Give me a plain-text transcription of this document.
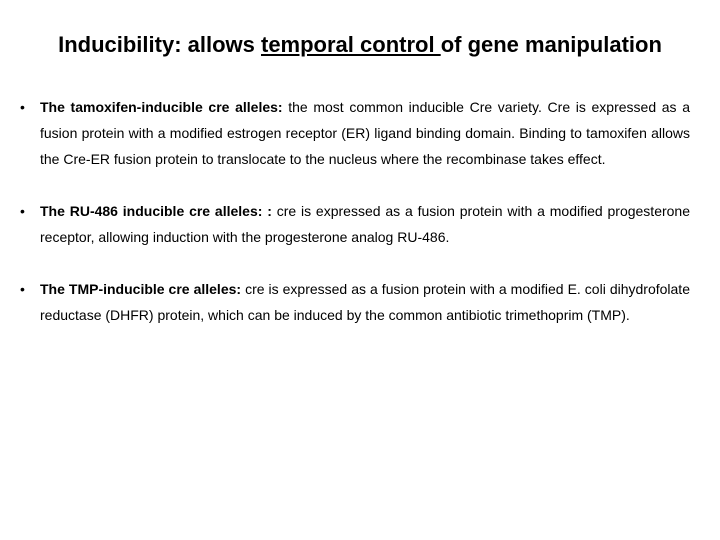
Inducibility: allows temporal control of gene manipulation
• The tamoxifen-inducible cre alleles: the most common inducible Cre variety. Cre is expressed as a fusion protein with a modified estrogen receptor (ER) ligand binding domain. Binding to tamoxifen allows the Cre-ER fusion protein to translocate to the nucleus where the recombinase takes effect.
• The RU-486 inducible cre alleles: : cre is expressed as a fusion protein with a modified progesterone receptor, allowing induction with the progesterone analog RU-486.
• The TMP-inducible cre alleles: cre is expressed as a fusion protein with a modified E. coli dihydrofolate reductase (DHFR) protein, which can be induced by the common antibiotic trimethoprim (TMP).
